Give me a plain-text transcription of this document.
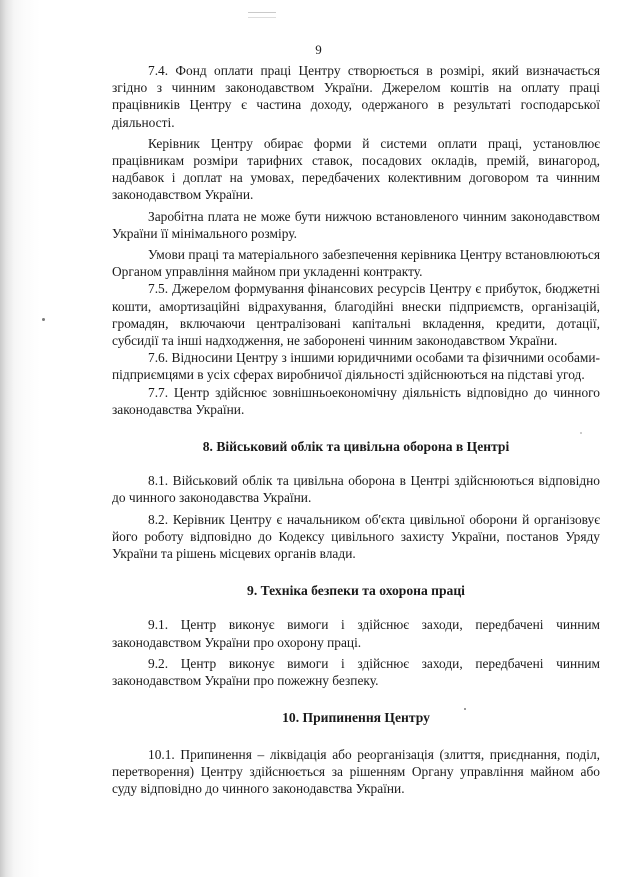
9

7.4. Фонд оплати праці Центру створюється в розмірі, який визначається згідно з чинним законодавством України. Джерелом коштів на оплату праці працівників Центру є частина доходу, одержаного в результаті господарської діяльності.

Керівник Центру обирає форми й системи оплати праці, установлює працівникам розміри тарифних ставок, посадових окладів, премій, винагород, надбавок і доплат на умовах, передбачених колективним договором та чинним законодавством України.

Заробітна плата не може бути нижчою встановленого чинним законодавством України її мінімального розміру.

Умови праці та матеріального забезпечення керівника Центру встановлюються Органом управління майном при укладенні контракту.

7.5. Джерелом формування фінансових ресурсів Центру є прибуток, бюджетні кошти, амортизаційні відрахування, благодійні внески підприємств, організацій, громадян, включаючи централізовані капітальні вкладення, кредити, дотації, субсидії та інші надходження, не заборонені чинним законодавством України.

7.6. Відносини Центру з іншими юридичними особами та фізичними особами-підприємцями в усіх сферах виробничої діяльності здійснюються на підставі угод.

7.7. Центр здійснює зовнішньоекономічну діяльність відповідно до чинного законодавства України.

8. Військовий облік та цивільна оборона в Центрі

8.1. Військовий облік та цивільна оборона в Центрі здійснюються відповідно до чинного законодавства України.

8.2. Керівник Центру є начальником об'єкта цивільної оборони й організовує його роботу відповідно до Кодексу цивільного захисту України, постанов Уряду України та рішень місцевих органів влади.

9. Техніка безпеки та охорона праці

9.1. Центр виконує вимоги і здійснює заходи, передбачені чинним законодавством України про охорону праці.

9.2. Центр виконує вимоги і здійснює заходи, передбачені чинним законодавством України про пожежну безпеку.

10. Припинення Центру

10.1. Припинення – ліквідація або реорганізація (злиття, приєднання, поділ, перетворення) Центру здійснюється за рішенням Органу управління майном або суду відповідно до чинного законодавства України.
